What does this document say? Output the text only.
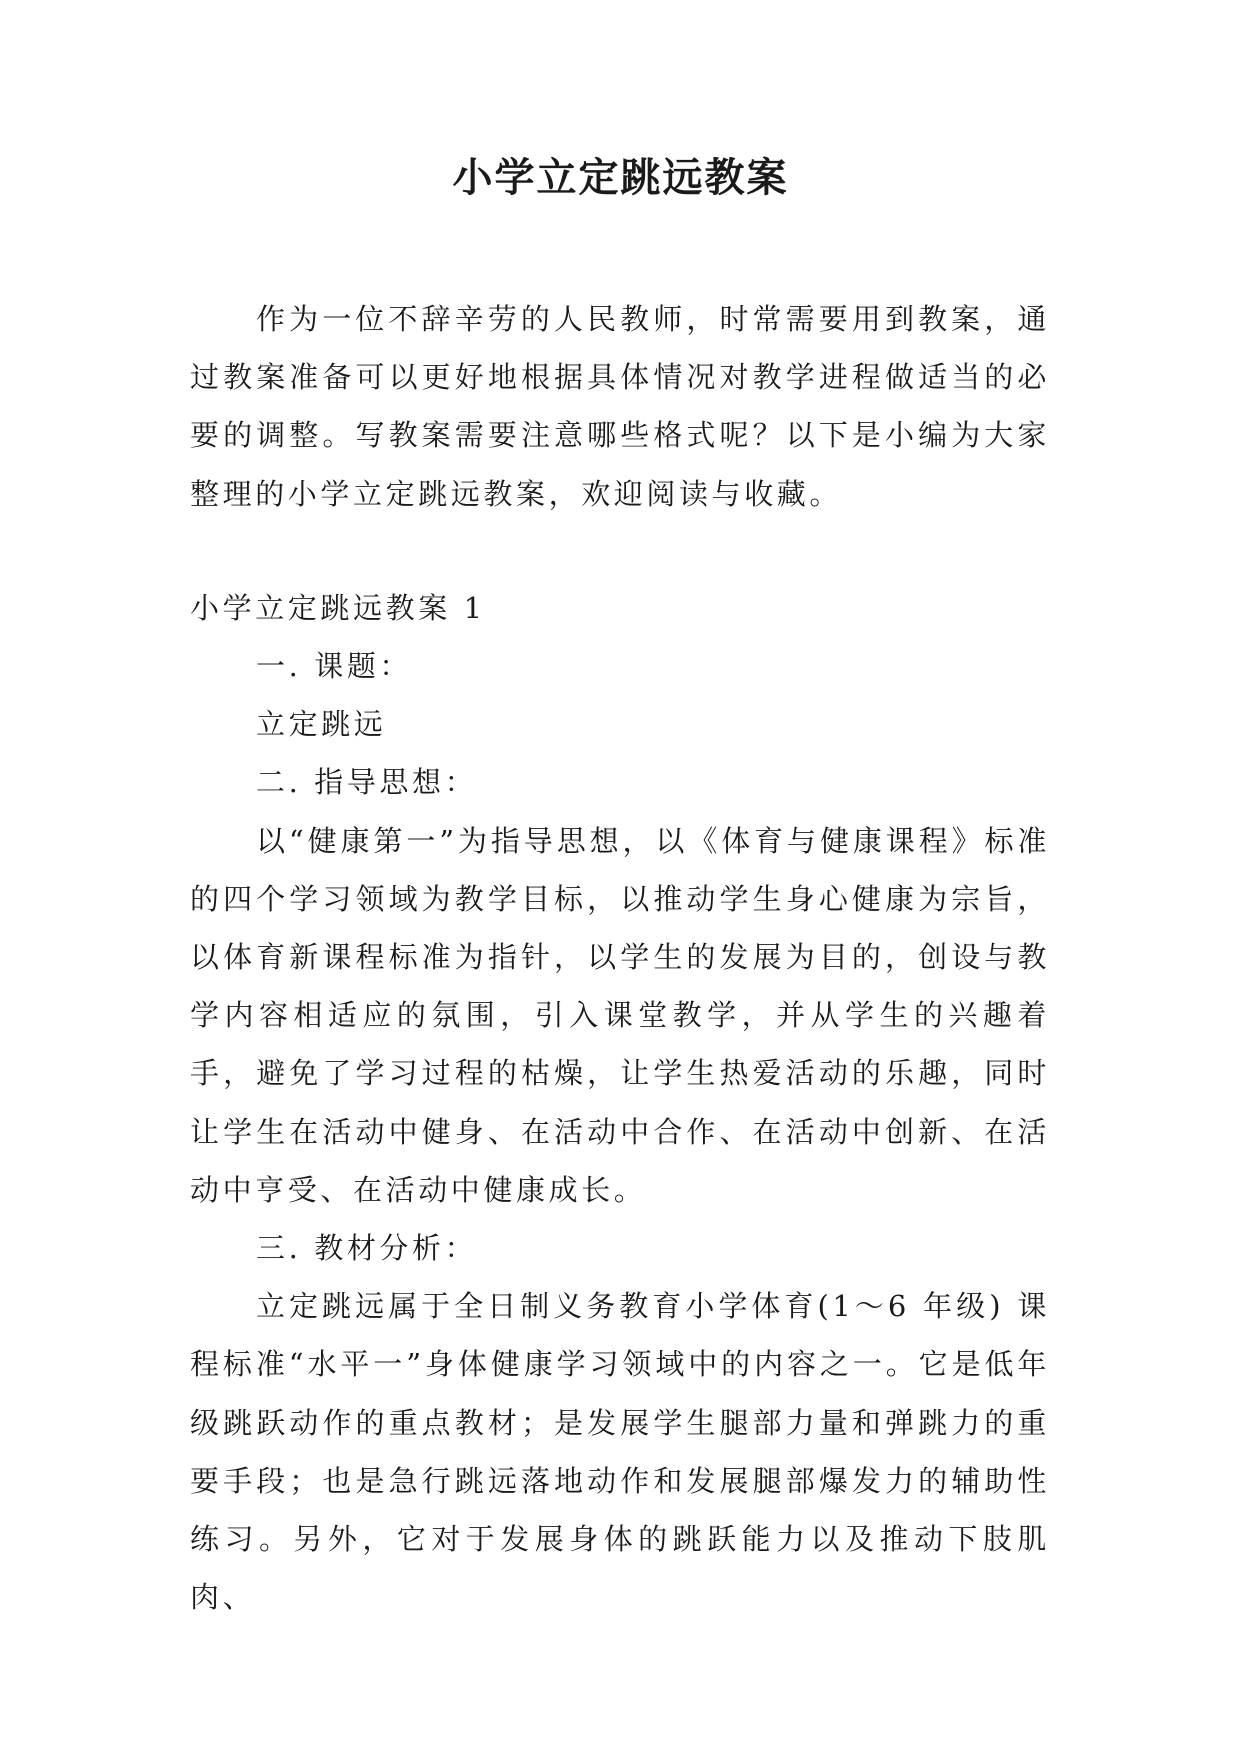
小学立定跳远教案

作为一位不辞辛劳的人民教师，时常需要用到教案，通过教案准备可以更好地根据具体情况对教学进程做适当的必要的调整。写教案需要注意哪些格式呢？以下是小编为大家整理的小学立定跳远教案，欢迎阅读与收藏。

小学立定跳远教案 1

一. 课题：

立定跳远

二. 指导思想：

以“健康第一”为指导思想，以《体育与健康课程》标准的四个学习领域为教学目标，以推动学生身心健康为宗旨，以体育新课程标准为指针，以学生的发展为目的，创设与教学内容相适应的氛围，引入课堂教学，并从学生的兴趣着手，避免了学习过程的枯燥，让学生热爱活动的乐趣，同时让学生在活动中健身、在活动中合作、在活动中创新、在活动中亨受、在活动中健康成长。

三. 教材分析：

立定跳远属于全日制义务教育小学体育(1～6 年级) 课程标准“水平一”身体健康学习领域中的内容之一。它是低年级跳跃动作的重点教材；是发展学生腿部力量和弹跳力的重要手段；也是急行跳远落地动作和发展腿部爆发力的辅助性练习。另外，它对于发展身体的跳跃能力以及推动下肢肌肉、
